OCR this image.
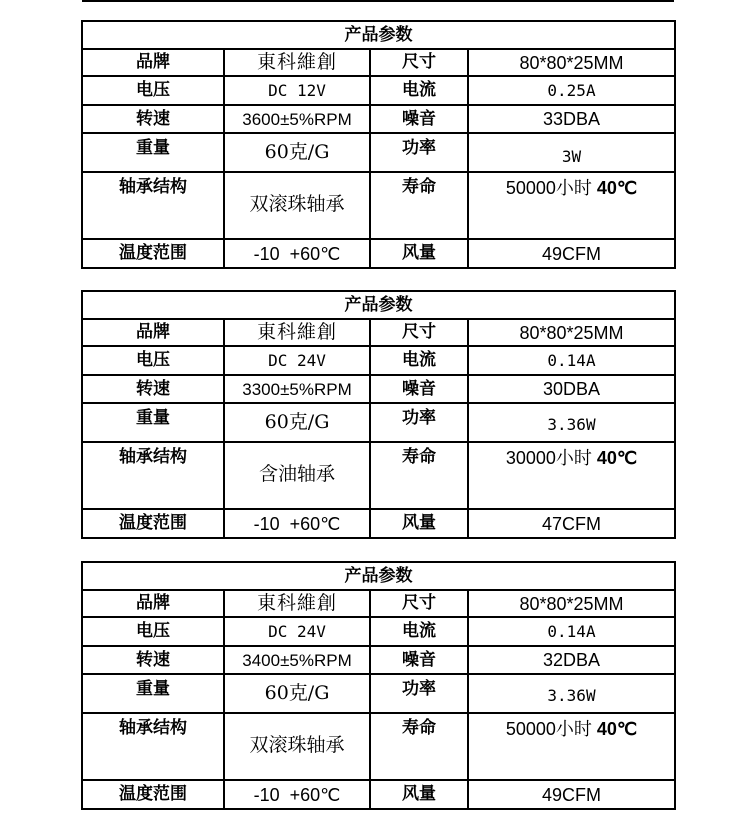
产品参数			
品牌	東科維創	尺寸	80*80*25MM
电压	DC 12V	电流	0.25A
转速	3600±5%RPM	噪音	33DBA
重量	60克/G	功率	3W
轴承结构	双滚珠轴承	寿命	50000小时 40℃
温度范围	-10  +60℃	风量	49CFM
产品参数			
品牌	東科維創	尺寸	80*80*25MM
电压	DC 24V	电流	0.14A
转速	3300±5%RPM	噪音	30DBA
重量	60克/G	功率	3.36W
轴承结构	含油轴承	寿命	30000小时 40℃
温度范围	-10  +60℃	风量	47CFM
产品参数			
品牌	東科維創	尺寸	80*80*25MM
电压	DC 24V	电流	0.14A
转速	3400±5%RPM	噪音	32DBA
重量	60克/G	功率	3.36W
轴承结构	双滚珠轴承	寿命	50000小时 40℃
温度范围	-10  +60℃	风量	49CFM
